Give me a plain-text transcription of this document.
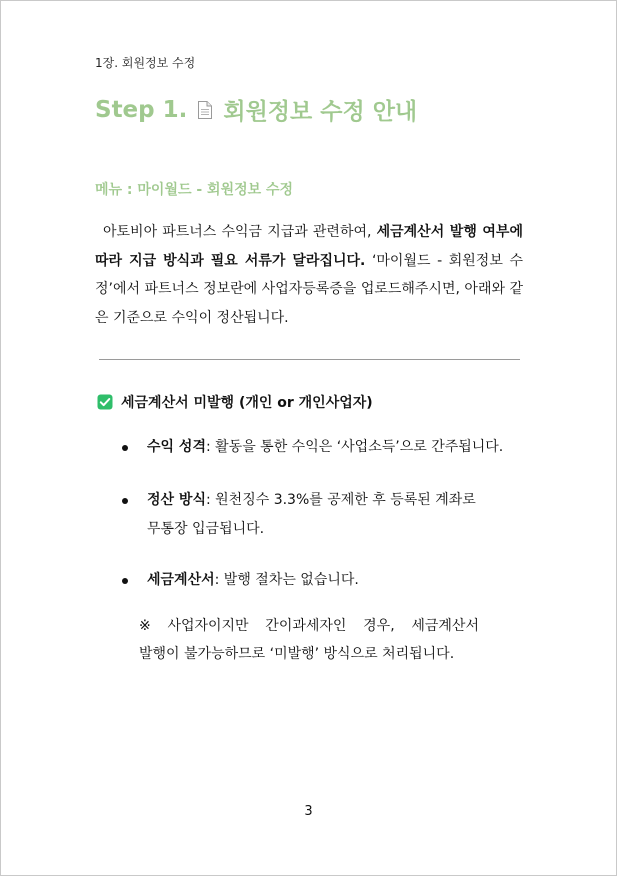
1장. 회원정보 수정
Step 1. 회원정보 수정 안내
메뉴 : 마이월드 - 회원정보 수정

아토비아 파트너스 수익금 지급과 관련하여, 세금계산서 발행 여부에 따라 지급 방식과 필요 서류가 달라집니다. ‘마이월드 - 회원정보 수정’에서 파트너스 정보란에 사업자등록증을 업로드해주시면, 아래와 같은 기준으로 수익이 정산됩니다.

세금계산서 미발행 (개인 or 개인사업자)
수익 성격: 활동을 통한 수익은 ‘사업소득’으로 간주됩니다.
정산 방식: 원천징수 3.3%를 공제한 후 등록된 계좌로
무통장 입금됩니다.
세금계산서: 발행 절차는 없습니다.
※ 사업자이지만 간이과세자인 경우, 세금계산서
발행이 불가능하므로 ‘미발행’ 방식으로 처리됩니다.
3
